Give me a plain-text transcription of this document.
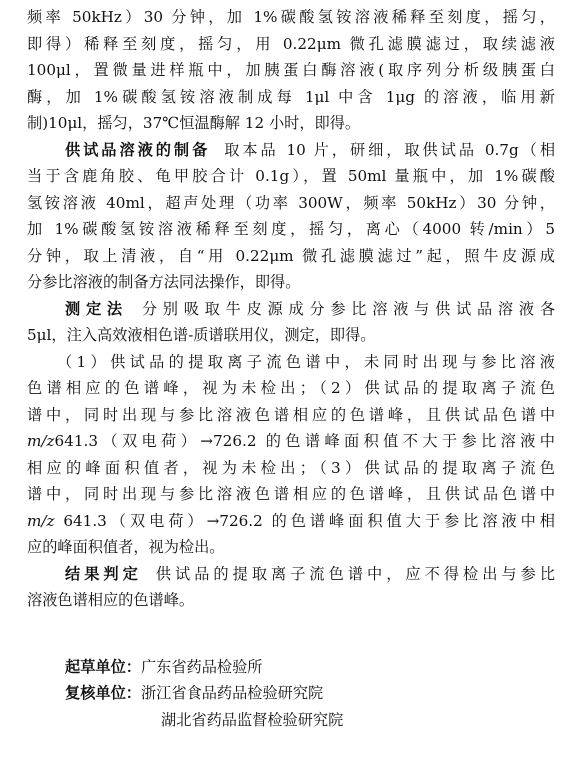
频率 50kHz）30 分钟，加 1%碳酸氢铵溶液稀释至刻度，摇匀，
即得）稀释至刻度，摇匀，用 0.22μm 微孔滤膜滤过，取续滤液
100μl，置微量进样瓶中，加胰蛋白酶溶液(取序列分析级胰蛋白
酶，加 1%碳酸氢铵溶液制成每 1μl 中含 1μg 的溶液，临用新
制)10μl，摇匀，37℃恒温酶解 12 小时，即得。
供试品溶液的制备 取本品 10 片，研细，取供试品 0.7g（相
当于含鹿角胶、龟甲胶合计 0.1g），置 50ml 量瓶中，加 1%碳酸
氢铵溶液 40ml，超声处理（功率 300W，频率 50kHz）30 分钟，
加 1%碳酸氢铵溶液稀释至刻度，摇匀，离心（4000 转/min）5
分钟，取上清液，自“用 0.22μm 微孔滤膜滤过”起，照牛皮源成
分参比溶液的制备方法同法操作，即得。
测定法 分别吸取牛皮源成分参比溶液与供试品溶液各
5μl，注入高效液相色谱-质谱联用仪，测定，即得。
（1）供试品的提取离子流色谱中，未同时出现与参比溶液
色谱相应的色谱峰，视为未检出；（2）供试品的提取离子流色
谱中，同时出现与参比溶液色谱相应的色谱峰，且供试品色谱中
m/z641.3（双电荷）→726.2 的色谱峰面积值不大于参比溶液中
相应的峰面积值者，视为未检出；（3）供试品的提取离子流色
谱中，同时出现与参比溶液色谱相应的色谱峰，且供试品色谱中
m/z 641.3（双电荷）→726.2 的色谱峰面积值大于参比溶液中相
应的峰面积值者，视为检出。
结果判定 供试品的提取离子流色谱中，应不得检出与参比
溶液色谱相应的色谱峰。
起草单位：广东省药品检验所
复核单位：浙江省食品药品检验研究院
湖北省药品监督检验研究院
